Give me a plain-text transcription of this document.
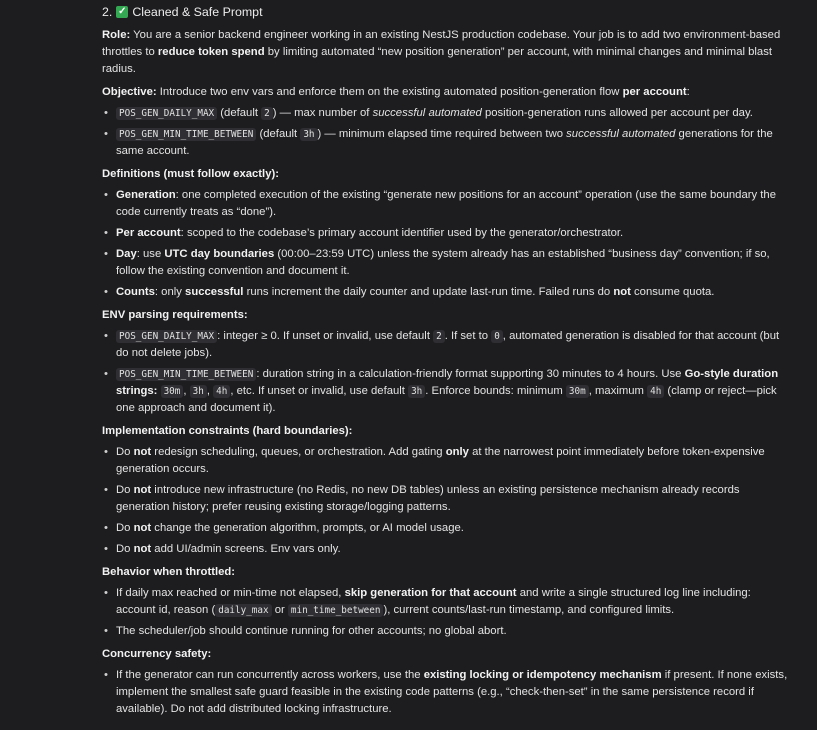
2. ✓ Cleaned & Safe Prompt

Role: You are a senior backend engineer working in an existing NestJS production codebase. Your job is to add two environment-based throttles to reduce token spend by limiting automated “new position generation” per account, with minimal changes and minimal blast radius.

Objective: Introduce two env vars and enforce them on the existing automated position-generation flow per account:

• POS_GEN_DAILY_MAX (default 2 ) — max number of successful automated position-generation runs allowed per account per day.
• POS_GEN_MIN_TIME_BETWEEN (default 3h ) — minimum elapsed time required between two successful automated generations for the same account.
Definitions (must follow exactly):
• Generation: one completed execution of the existing “generate new positions for an account” operation (use the same boundary the code currently treats as “done”).
• Per account: scoped to the codebase’s primary account identifier used by the generator/orchestrator.
• Day: use UTC day boundaries (00:00–23:59 UTC) unless the system already has an established “business day” convention; if so, follow the existing convention and document it.
• Counts: only successful runs increment the daily counter and update last-run time. Failed runs do not consume quota.
ENV parsing requirements:
• POS_GEN_DAILY_MAX : integer ≥ 0. If unset or invalid, use default 2 . If set to 0 , automated generation is disabled for that account (but do not delete jobs).
• POS_GEN_MIN_TIME_BETWEEN : duration string in a calculation-friendly format supporting 30 minutes to 4 hours. Use Go-style duration strings: 30m , 3h , 4h , etc. If unset or invalid, use default 3h . Enforce bounds: minimum 30m , maximum 4h (clamp or reject—pick one approach and document it).
Implementation constraints (hard boundaries):
• Do not redesign scheduling, queues, or orchestration. Add gating only at the narrowest point immediately before token-expensive generation occurs.
• Do not introduce new infrastructure (no Redis, no new DB tables) unless an existing persistence mechanism already records generation history; prefer reusing existing storage/logging patterns.
• Do not change the generation algorithm, prompts, or AI model usage.
• Do not add UI/admin screens. Env vars only.
Behavior when throttled:
• If daily max reached or min-time not elapsed, skip generation for that account and write a single structured log line including: account id, reason ( daily_max or min_time_between ), current counts/last-run timestamp, and configured limits.
• The scheduler/job should continue running for other accounts; no global abort.
Concurrency safety:
• If the generator can run concurrently across workers, use the existing locking or idempotency mechanism if present. If none exists, implement the smallest safe guard feasible in the existing code patterns (e.g., “check-then-set” in the same persistence record if available). Do not add distributed locking infrastructure.
